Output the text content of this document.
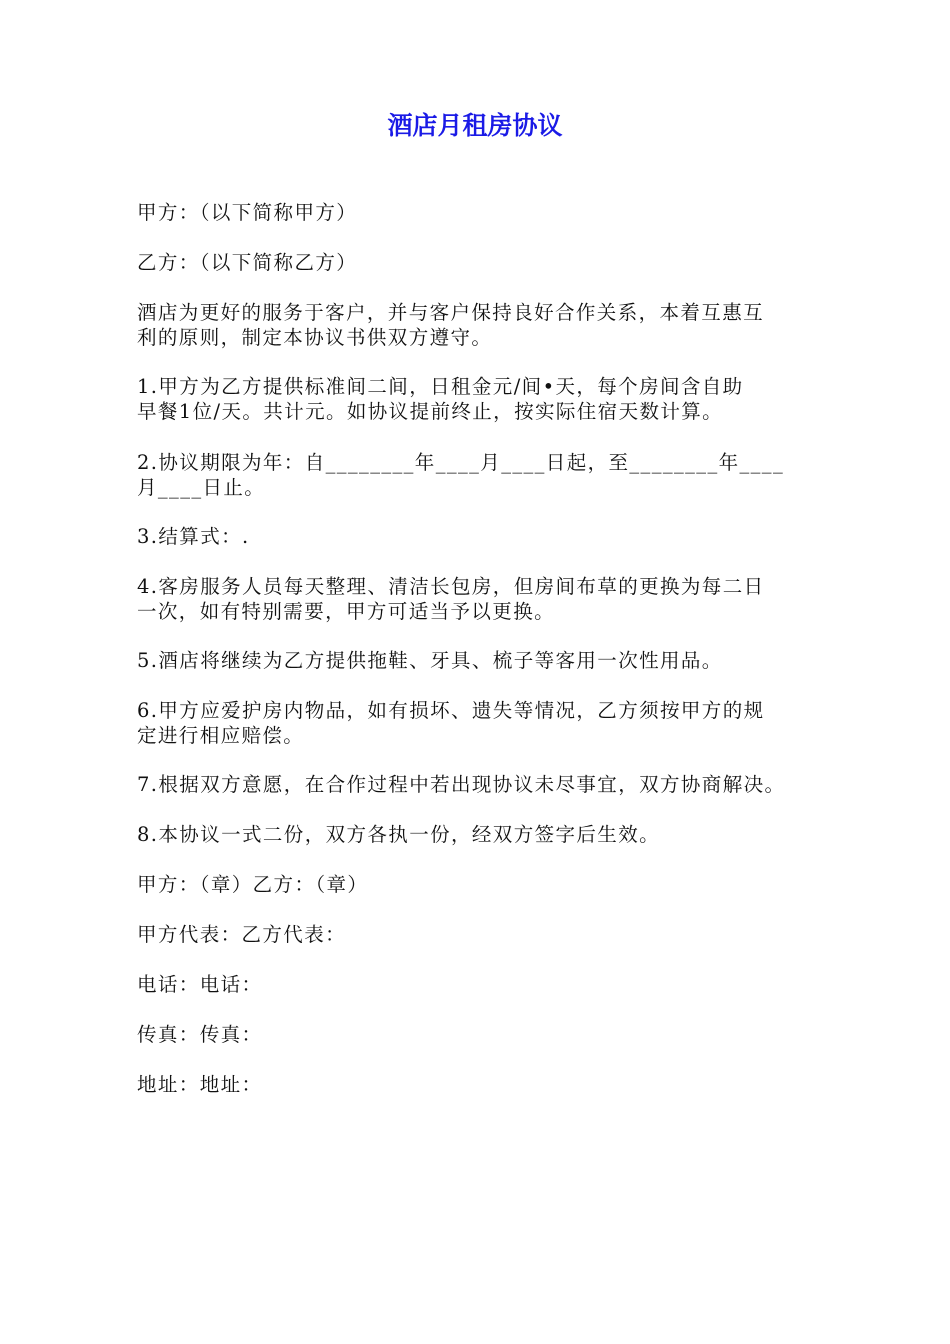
酒店月租房协议
甲方：（以下简称甲方）
乙方：（以下简称乙方）
酒店为更好的服务于客户，并与客户保持良好合作关系，本着互惠互
利的原则，制定本协议书供双方遵守。
1.甲方为乙方提供标准间二间，日租金元/间•天，每个房间含自助
早餐1位/天。共计元。如协议提前终止，按实际住宿天数计算。
2.协议期限为年：自________年____月____日起，至________年____
月____日止。
3.结算式：.
4.客房服务人员每天整理、清洁长包房，但房间布草的更换为每二日
一次，如有特别需要，甲方可适当予以更换。
5.酒店将继续为乙方提供拖鞋、牙具、梳子等客用一次性用品。
6.甲方应爱护房内物品，如有损坏、遗失等情况，乙方须按甲方的规
定进行相应赔偿。
7.根据双方意愿，在合作过程中若出现协议未尽事宜，双方协商解决。
8.本协议一式二份，双方各执一份，经双方签字后生效。
甲方：（章）乙方：（章）
甲方代表：乙方代表：
电话：电话：
传真：传真：
地址：地址：
